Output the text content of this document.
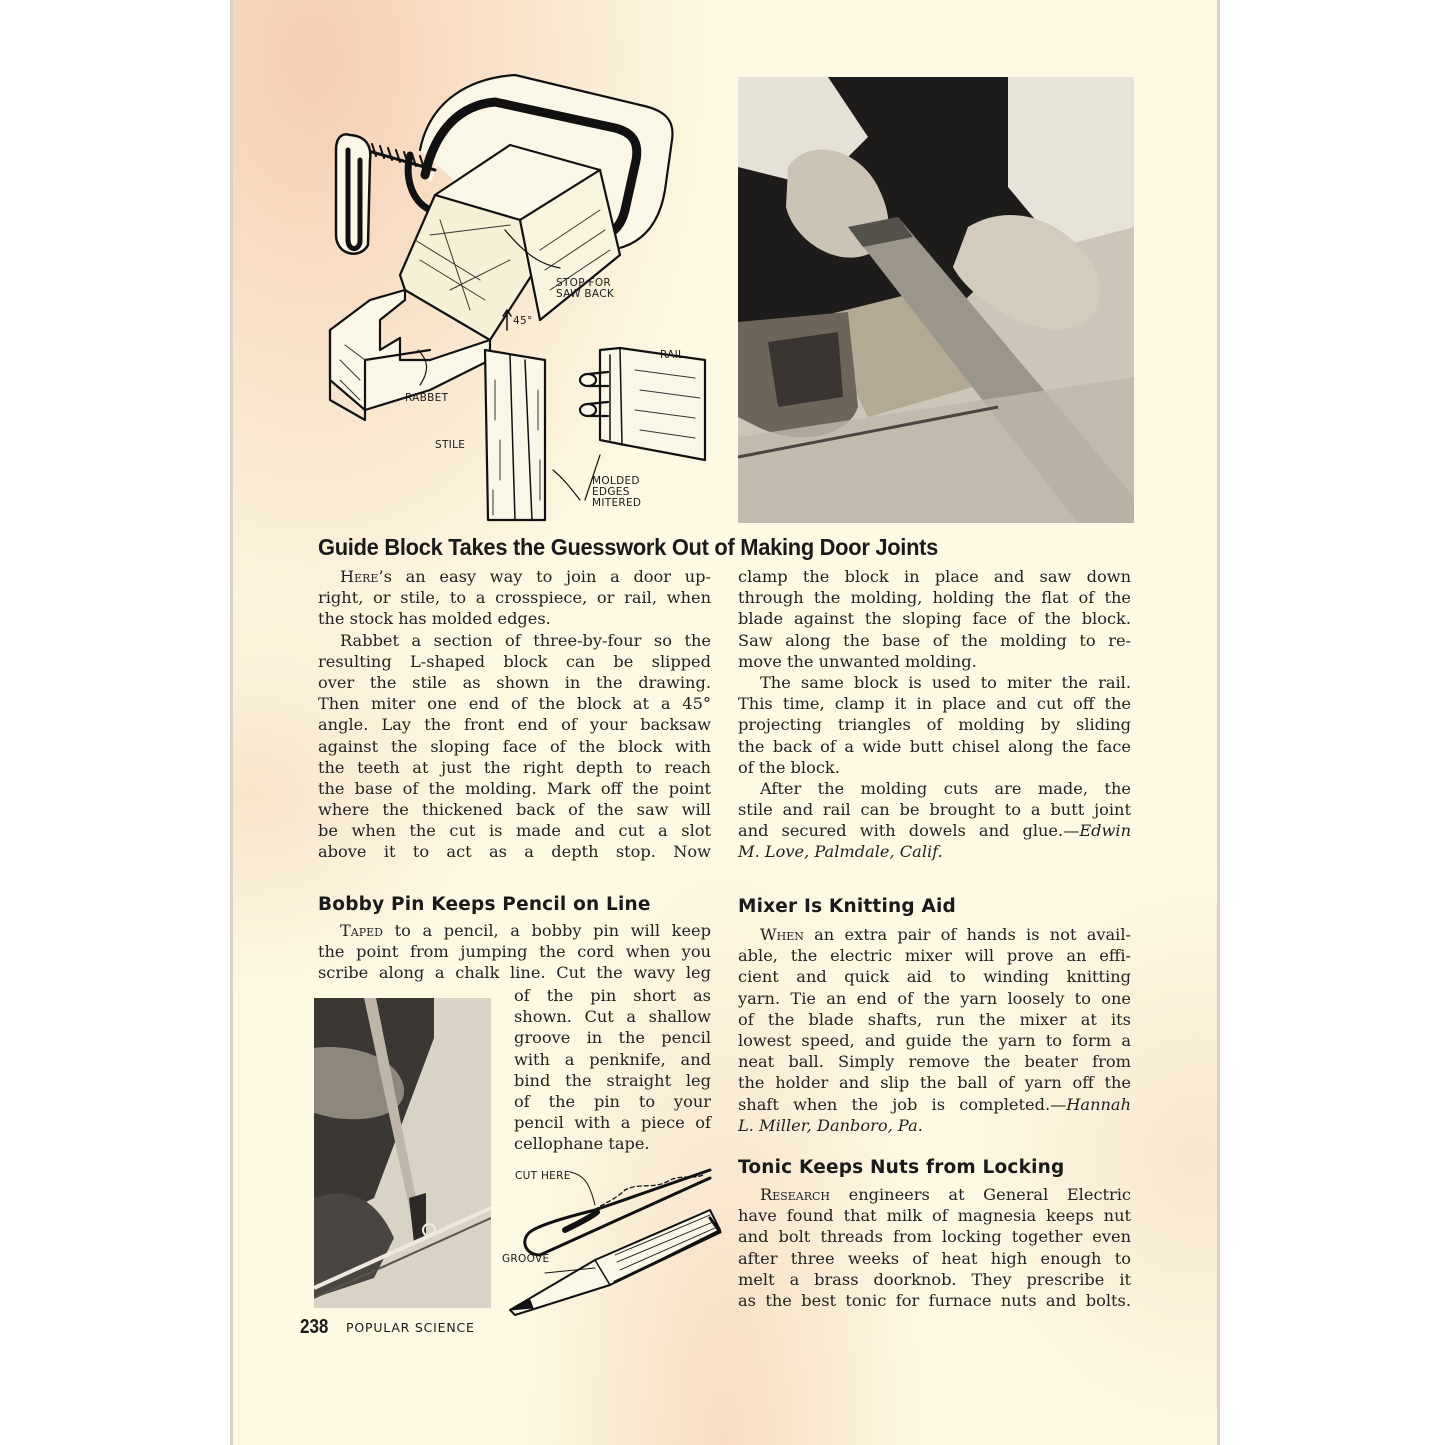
STOP FOR
SAW BACK
45°
RABBET
STILE
RAIL
MOLDED
EDGES
MITERED
Guide Block Takes the Guesswork Out of Making Door Joints
Here’s an easy way to join a door up-
right, or stile, to a crosspiece, or rail, when
the stock has molded edges.
Rabbet a section of three-by-four so the
resulting L-shaped block can be slipped
over the stile as shown in the drawing.
Then miter one end of the block at a 45°
angle. Lay the front end of your backsaw
against the sloping face of the block with
the teeth at just the right depth to reach
the base of the molding. Mark off the point
where the thickened back of the saw will
be when the cut is made and cut a slot
above it to act as a depth stop. Now
clamp the block in place and saw down
through the molding, holding the flat of the
blade against the sloping face of the block.
Saw along the base of the molding to re-
move the unwanted molding.
The same block is used to miter the rail.
This time, clamp it in place and cut off the
projecting triangles of molding by sliding
the back of a wide butt chisel along the face
of the block.
After the molding cuts are made, the
stile and rail can be brought to a butt joint
and secured with dowels and glue.—Edwin
M. Love, Palmdale, Calif.
Bobby Pin Keeps Pencil on Line
Taped to a pencil, a bobby pin will keep
the point from jumping the cord when you
scribe along a chalk line. Cut the wavy leg
of the pin short as
shown. Cut a shallow
groove in the pencil
with a penknife, and
bind the straight leg
of the pin to your
pencil with a piece of
cellophane tape.
CUT HERE
GROOVE
Mixer Is Knitting Aid
When an extra pair of hands is not avail-
able, the electric mixer will prove an effi-
cient and quick aid to winding knitting
yarn. Tie an end of the yarn loosely to one
of the blade shafts, run the mixer at its
lowest speed, and guide the yarn to form a
neat ball. Simply remove the beater from
the holder and slip the ball of yarn off the
shaft when the job is completed.—Hannah
L. Miller, Danboro, Pa.
Tonic Keeps Nuts from Locking
Research engineers at General Electric
have found that milk of magnesia keeps nut
and bolt threads from locking together even
after three weeks of heat high enough to
melt a brass doorknob. They prescribe it
as the best tonic for furnace nuts and bolts.
238 POPULAR SCIENCE
